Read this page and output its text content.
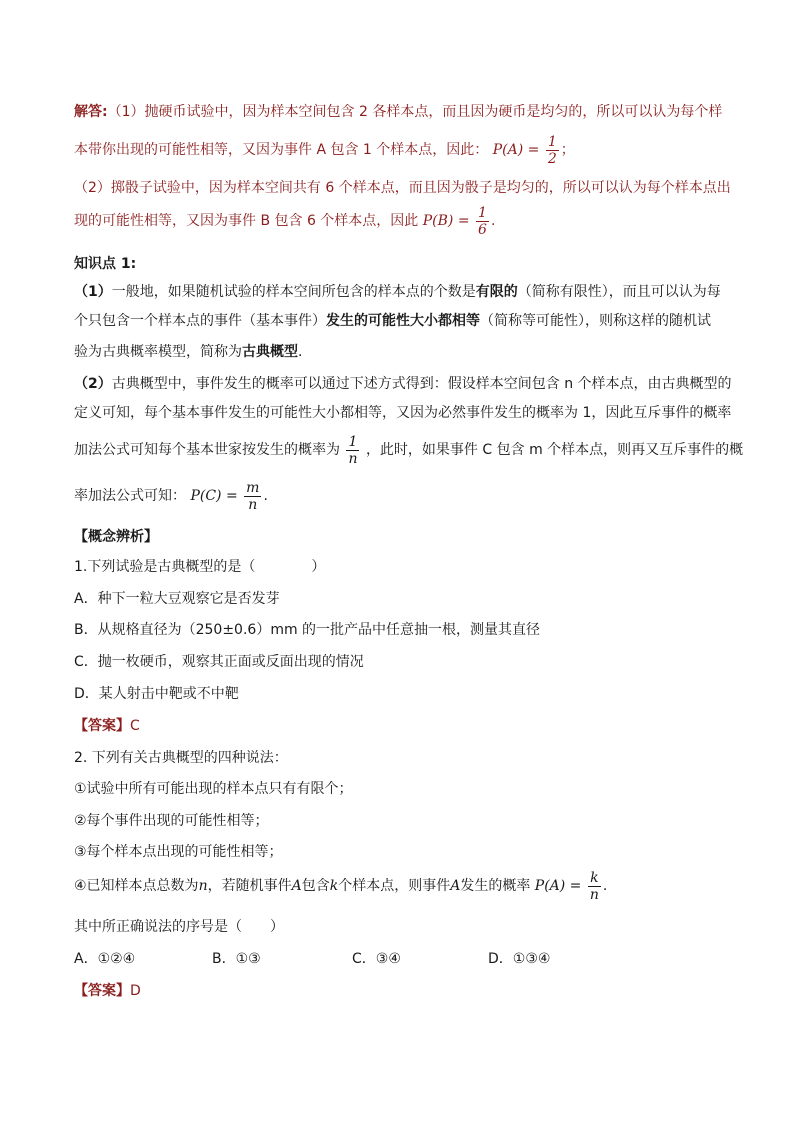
解答:（1）抛硬币试验中，因为样本空间包含 2 各样本点，而且因为硬币是均匀的，所以可以认为每个样
本带你出现的可能性相等，又因为事件 A 包含 1 个样本点，因此： $P(A) = \frac{1}{2}$ ；
（2）掷骰子试验中，因为样本空间共有 6 个样本点，而且因为骰子是均匀的，所以可以认为每个样本点出
现的可能性相等，又因为事件 B 包含 6 个样本点，因此 $P(B) = \frac{1}{6}$ .
知识点 1:
（1）一般地，如果随机试验的样本空间所包含的样本点的个数是有限的（简称有限性），而且可以认为每
个只包含一个样本点的事件（基本事件）发生的可能性大小都相等（简称等可能性），则称这样的随机试
验为古典概率模型，简称为古典概型.
（2）古典概型中，事件发生的概率可以通过下述方式得到：假设样本空间包含 n 个样本点，由古典概型的
定义可知，每个基本事件发生的可能性大小都相等，又因为必然事件发生的概率为 1，因此互斥事件的概率
加法公式可知每个基本世家按发生的概率为 $\frac{1}{n}$ ，此时，如果事件 C 包含 m 个样本点，则再又互斥事件的概
率加法公式可知： $P(C) = \frac{m}{n}$ .
【概念辨析】
1.下列试验是古典概型的是（　　　　）
A．种下一粒大豆观察它是否发芽
B．从规格直径为（250±0.6）mm 的一批产品中任意抽一根，测量其直径
C．抛一枚硬币，观察其正面或反面出现的情况
D．某人射击中靶或不中靶
【答案】C
2. 下列有关古典概型的四种说法：
①试验中所有可能出现的样本点只有有限个；
②每个事件出现的可能性相等；
③每个样本点出现的可能性相等；
④已知样本点总数为n，若随机事件A包含k个样本点，则事件A发生的概率 $P(A) = \frac{k}{n}$ .
其中所正确说法的序号是（　　）
A．①②④	B．①③	C．③④	D．①③④
【答案】D
